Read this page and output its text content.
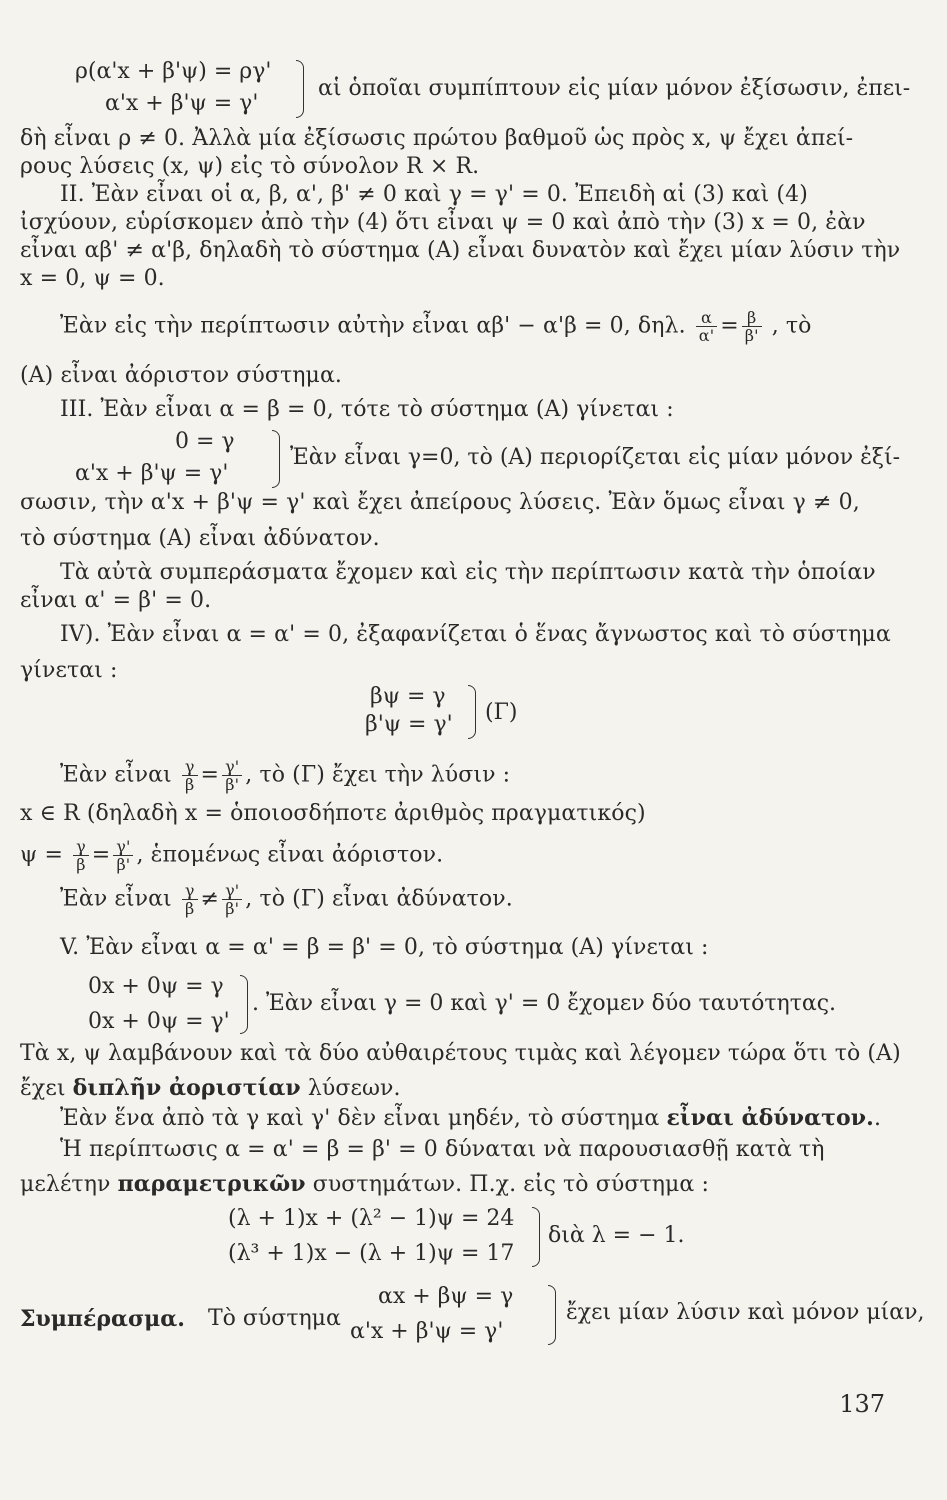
ρ(α'x + β'ψ) = ργ'
α'x + β'ψ = γ'
αἱ ὁποῖαι συμπίπτουν εἰς μίαν μόνον ἐξίσωσιν, ἐπει-
δὴ εἶναι ρ ≠ 0. Ἀλλὰ μία ἐξίσωσις πρώτου βαθμοῦ ὡς πρὸς x, ψ ἔχει ἀπεί-
ρους λύσεις (x, ψ) εἰς τὸ σύνολον R × R.
II. Ἐὰν εἶναι οἱ α, β, α', β' ≠ 0 καὶ γ = γ' = 0. Ἐπειδὴ αἱ (3) καὶ (4)
ἰσχύουν, εὑρίσκομεν ἀπὸ τὴν (4) ὅτι εἶναι ψ = 0 καὶ ἀπὸ τὴν (3) x = 0, ἐὰν
εἶναι αβ' ≠ α'β, δηλαδὴ τὸ σύστημα (Α) εἶναι δυνατὸν καὶ ἔχει μίαν λύσιν τὴν
x = 0, ψ = 0.
Ἐὰν εἰς τὴν περίπτωσιν αὐτὴν εἶναι αβ' − α'β = 0, δηλ. $\frac{\alpha}{\alpha'} = \frac{\beta}{\beta'}$ , τὸ
(Α) εἶναι ἀόριστον σύστημα.
III. Ἐὰν εἶναι α = β = 0, τότε τὸ σύστημα (Α) γίνεται :
0 = γ
α'x + β'ψ = γ'
Ἐὰν εἶναι γ=0, τὸ (Α) περιορίζεται εἰς μίαν μόνον ἐξί-
σωσιν, τὴν α'x + β'ψ = γ' καὶ ἔχει ἀπείρους λύσεις. Ἐὰν ὅμως εἶναι γ ≠ 0,
τὸ σύστημα (Α) εἶναι ἀδύνατον.
Τὰ αὐτὰ συμπεράσματα ἔχομεν καὶ εἰς τὴν περίπτωσιν κατὰ τὴν ὁποίαν
εἶναι α' = β' = 0.
IV). Ἐὰν εἶναι α = α' = 0, ἐξαφανίζεται ὁ ἕνας ἄγνωστος καὶ τὸ σύστημα
γίνεται :
βψ = γ
β'ψ = γ' (Γ)
Ἐὰν εἶναι $\frac{\gamma}{\beta} = \frac{\gamma'}{\beta'}$ , τὸ (Γ) ἔχει τὴν λύσιν :
x ∈ R (δηλαδὴ x = ὁποιοσδήποτε ἀριθμὸς πραγματικός)
$\psi = \frac{\gamma}{\beta} = \frac{\gamma'}{\beta'}$ , ἑπομένως εἶναι ἀόριστον.
Ἐὰν εἶναι $\frac{\gamma}{\beta} \ne \frac{\gamma'}{\beta'}$ , τὸ (Γ) εἶναι ἀδύνατον.
V. Ἐὰν εἶναι α = α' = β = β' = 0, τὸ σύστημα (Α) γίνεται :
0x + 0ψ = γ
0x + 0ψ = γ'
. Ἐὰν εἶναι γ = 0 καὶ γ' = 0 ἔχομεν δύο ταυτότητας.
Τὰ x, ψ λαμβάνουν καὶ τὰ δύο αὐθαιρέτους τιμὰς καὶ λέγομεν τώρα ὅτι τὸ (Α)
ἔχει διπλῆν ἀοριστίαν λύσεων.
Ἐὰν ἕνα ἀπὸ τὰ γ καὶ γ' δὲν εἶναι μηδέν, τὸ σύστημα εἶναι ἀδύνατον..
Ἡ περίπτωσις α = α' = β = β' = 0 δύναται νὰ παρουσιασθῇ κατὰ τὴ
μελέτην παραμετρικῶν συστημάτων. Π.χ. εἰς τὸ σύστημα :
(λ + 1)x + (λ² − 1)ψ = 24
(λ³ + 1)x − (λ + 1)ψ = 17
διὰ λ = − 1.
Συμπέρασμα. Τὸ σύστημα
αx + βψ = γ
α'x + β'ψ = γ'
ἔχει μίαν λύσιν καὶ μόνον μίαν,
137
